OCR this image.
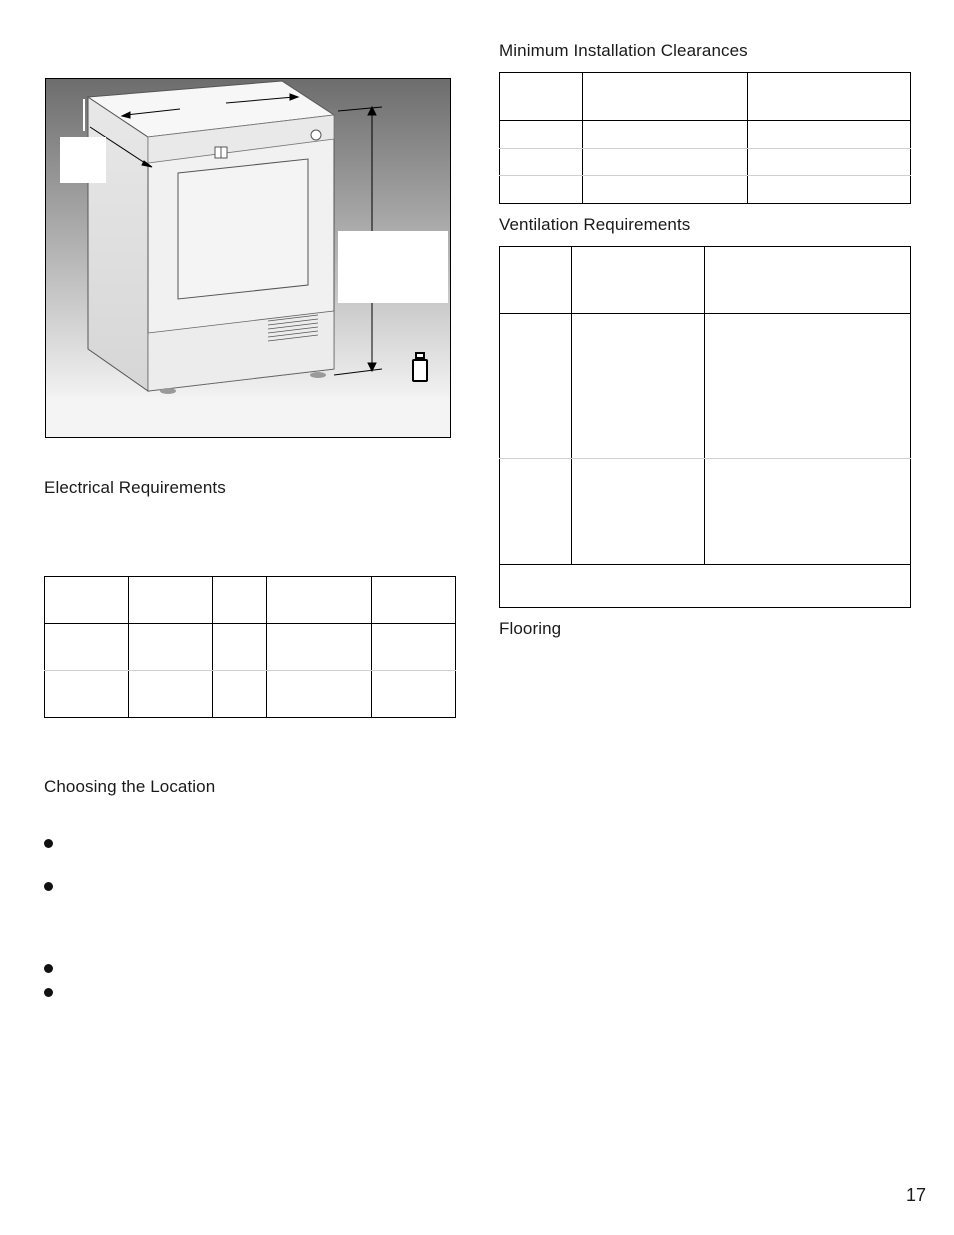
Minimum Installation Clearances

Ventilation Requirements

Flooring
Electrical Requirements

Choosing the Location
17
